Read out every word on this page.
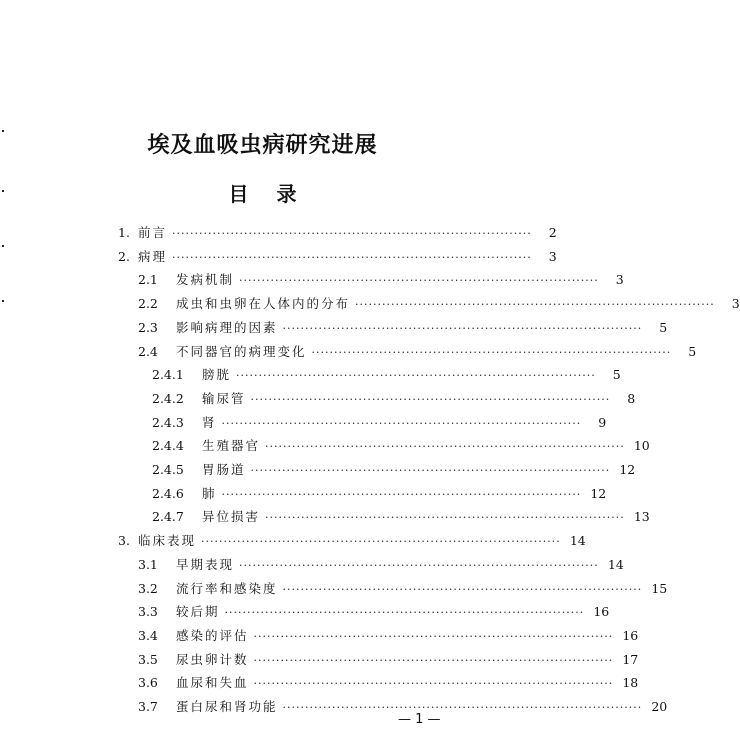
埃及血吸虫病研究进展
目录
1. 前言 ················································································	2
2. 病理 ················································································	3
2.1	发病机制 ················································································	3
2.2	成虫和虫卵在人体内的分布 ················································································	3
2.3	影响病理的因素 ················································································	5
2.4	不同器官的病理变化 ················································································	5
2.4.1	膀胱 ················································································	5
2.4.2	输尿管 ················································································	8
2.4.3	肾 ················································································	9
2.4.4	生殖器官 ················································································ 10
2.4.5	胃肠道 ················································································ 12
2.4.6	肺 ················································································ 12
2.4.7	异位损害 ················································································ 13
3. 临床表现 ················································································ 14
3.1	早期表现 ················································································ 14
3.2	流行率和感染度 ················································································ 15
3.3	较后期 ················································································ 16
3.4	感染的评估 ················································································ 16
3.5	尿虫卵计数 ················································································ 17
3.6	血尿和失血 ················································································ 18
3.7	蛋白尿和肾功能 ················································································ 20
— 1 —
